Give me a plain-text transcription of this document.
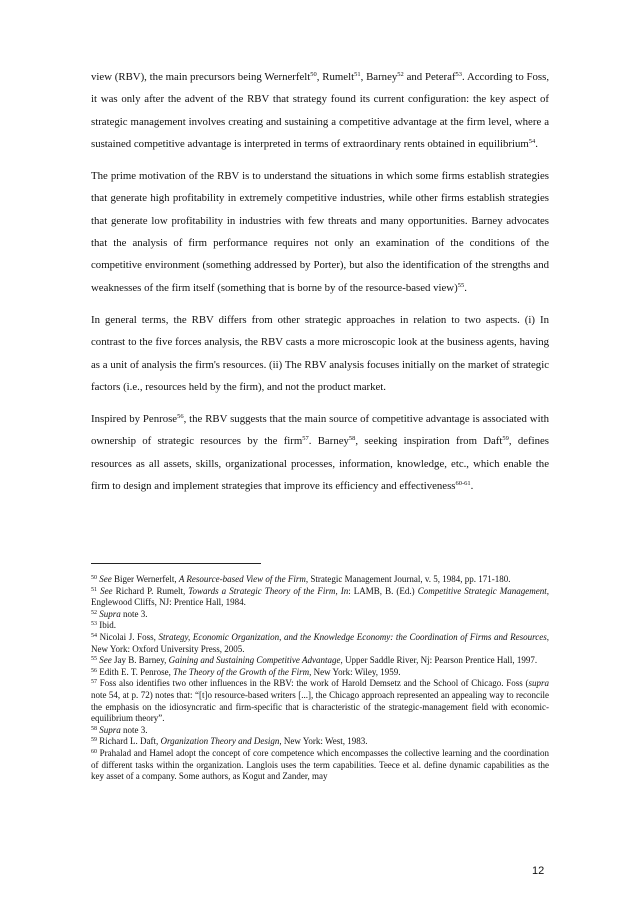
view (RBV), the main precursors being Wernerfelt$^{50}$, Rumelt$^{51}$, Barney$^{52}$ and Peteraf$^{53}$. According to Foss, it was only after the advent of the RBV that strategy found its current configuration: the key aspect of strategic management involves creating and sustaining a competitive advantage at the firm level, where a sustained competitive advantage is interpreted in terms of extraordinary rents obtained in equilibrium$^{54}$.

The prime motivation of the RBV is to understand the situations in which some firms establish strategies that generate high profitability in extremely competitive industries, while other firms establish strategies that generate low profitability in industries with few threats and many opportunities. Barney advocates that the analysis of firm performance requires not only an examination of the conditions of the competitive environment (something addressed by Porter), but also the identification of the strengths and weaknesses of the firm itself (something that is borne by of the resource-based view)$^{55}$.

In general terms, the RBV differs from other strategic approaches in relation to two aspects. (i) In contrast to the five forces analysis, the RBV casts a more microscopic look at the business agents, having as a unit of analysis the firm's resources. (ii) The RBV analysis focuses initially on the market of strategic factors (i.e., resources held by the firm), and not the product market.

Inspired by Penrose$^{56}$, the RBV suggests that the main source of competitive advantage is associated with ownership of strategic resources by the firm$^{57}$. Barney$^{58}$, seeking inspiration from Daft$^{59}$, defines resources as all assets, skills, organizational processes, information, knowledge, etc., which enable the firm to design and implement strategies that improve its efficiency and effectiveness$^{60-61}$.

$^{50}$ See Biger Wernerfelt, A Resource-based View of the Firm, Strategic Management Journal, v. 5, 1984, pp. 171-180.

$^{51}$ See Richard P. Rumelt, Towards a Strategic Theory of the Firm, In: LAMB, B. (Ed.) Competitive Strategic Management, Englewood Cliffs, NJ: Prentice Hall, 1984.

$^{52}$ Supra note 3.

$^{53}$ Ibid.

$^{54}$ Nicolai J. Foss, Strategy, Economic Organization, and the Knowledge Economy: the Coordination of Firms and Resources, New York: Oxford University Press, 2005.

$^{55}$ See Jay B. Barney, Gaining and Sustaining Competitive Advantage, Upper Saddle River, Nj: Pearson Prentice Hall, 1997.

$^{56}$ Edith E. T. Penrose, The Theory of the Growth of the Firm, New York: Wiley, 1959.

$^{57}$ Foss also identifies two other influences in the RBV: the work of Harold Demsetz and the School of Chicago. Foss (supra note 54, at p. 72) notes that: “[t]o resource-based writers [...], the Chicago approach represented an appealing way to reconcile the emphasis on the idiosyncratic and firm-specific that is characteristic of the strategic-management field with economic-equilibrium theory”.

$^{58}$ Supra note 3.

$^{59}$ Richard L. Daft, Organization Theory and Design, New York: West, 1983.

$^{60}$ Prahalad and Hamel adopt the concept of core competence which encompasses the collective learning and the coordination of different tasks within the organization. Langlois uses the term capabilities. Teece et al. define dynamic capabilities as the key asset of a company. Some authors, as Kogut and Zander, may

12
